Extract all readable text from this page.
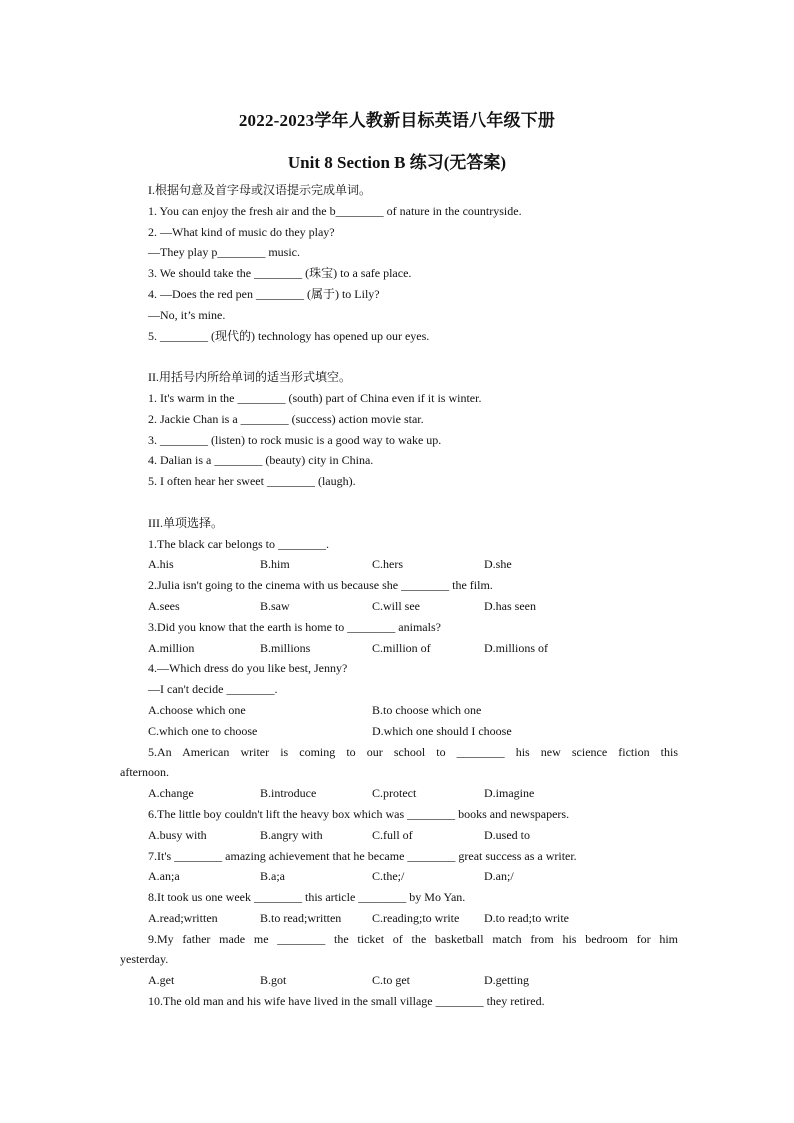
2022-2023学年人教新目标英语八年级下册
Unit 8 Section B 练习(无答案)
I.根据句意及首字母或汉语提示完成单词。
1. You can enjoy the fresh air and the b________ of nature in the countryside.
2. —What kind of music do they play?
—They play p________ music.
3. We should take the ________ (珠宝) to a safe place.
4. —Does the red pen ________ (属于) to Lily?
—No, it’s mine.
5. ________ (现代的) technology has opened up our eyes.
II.用括号内所给单词的适当形式填空。
1. It's warm in the ________ (south) part of China even if it is winter.
2. Jackie Chan is a ________ (success) action movie star.
3. ________ (listen) to rock music is a good way to wake up.
4. Dalian is a ________ (beauty) city in China.
5. I often hear her sweet ________ (laugh).
III.单项选择。
1.The black car belongs to ________.
A.his	B.him	C.hers	D.she
2.Julia isn't going to the cinema with us because she ________ the film.
A.sees	B.saw	C.will see	D.has seen
3.Did you know that the earth is home to ________ animals?
A.million	B.millions	C.million of	D.millions of
4.—Which dress do you like best, Jenny?
—I can't decide ________.
A.choose which one	B.to choose which one
C.which one to choose	D.which one should I choose
5.An American writer is coming to our school to ________ his new science fiction this
afternoon.
A.change	B.introduce	C.protect	D.imagine
6.The little boy couldn't lift the heavy box which was ________ books and newspapers.
A.busy with	B.angry with	C.full of	D.used to
7.It's ________ amazing achievement that he became ________ great success as a writer.
A.an;a	B.a;a	C.the;/	D.an;/
8.It took us one week ________ this article ________ by Mo Yan.
A.read;written	B.to read;written	C.reading;to write	D.to read;to write
9.My father made me ________ the ticket of the basketball match from his bedroom for him
yesterday.
A.get	B.got	C.to get	D.getting
10.The old man and his wife have lived in the small village ________ they retired.
